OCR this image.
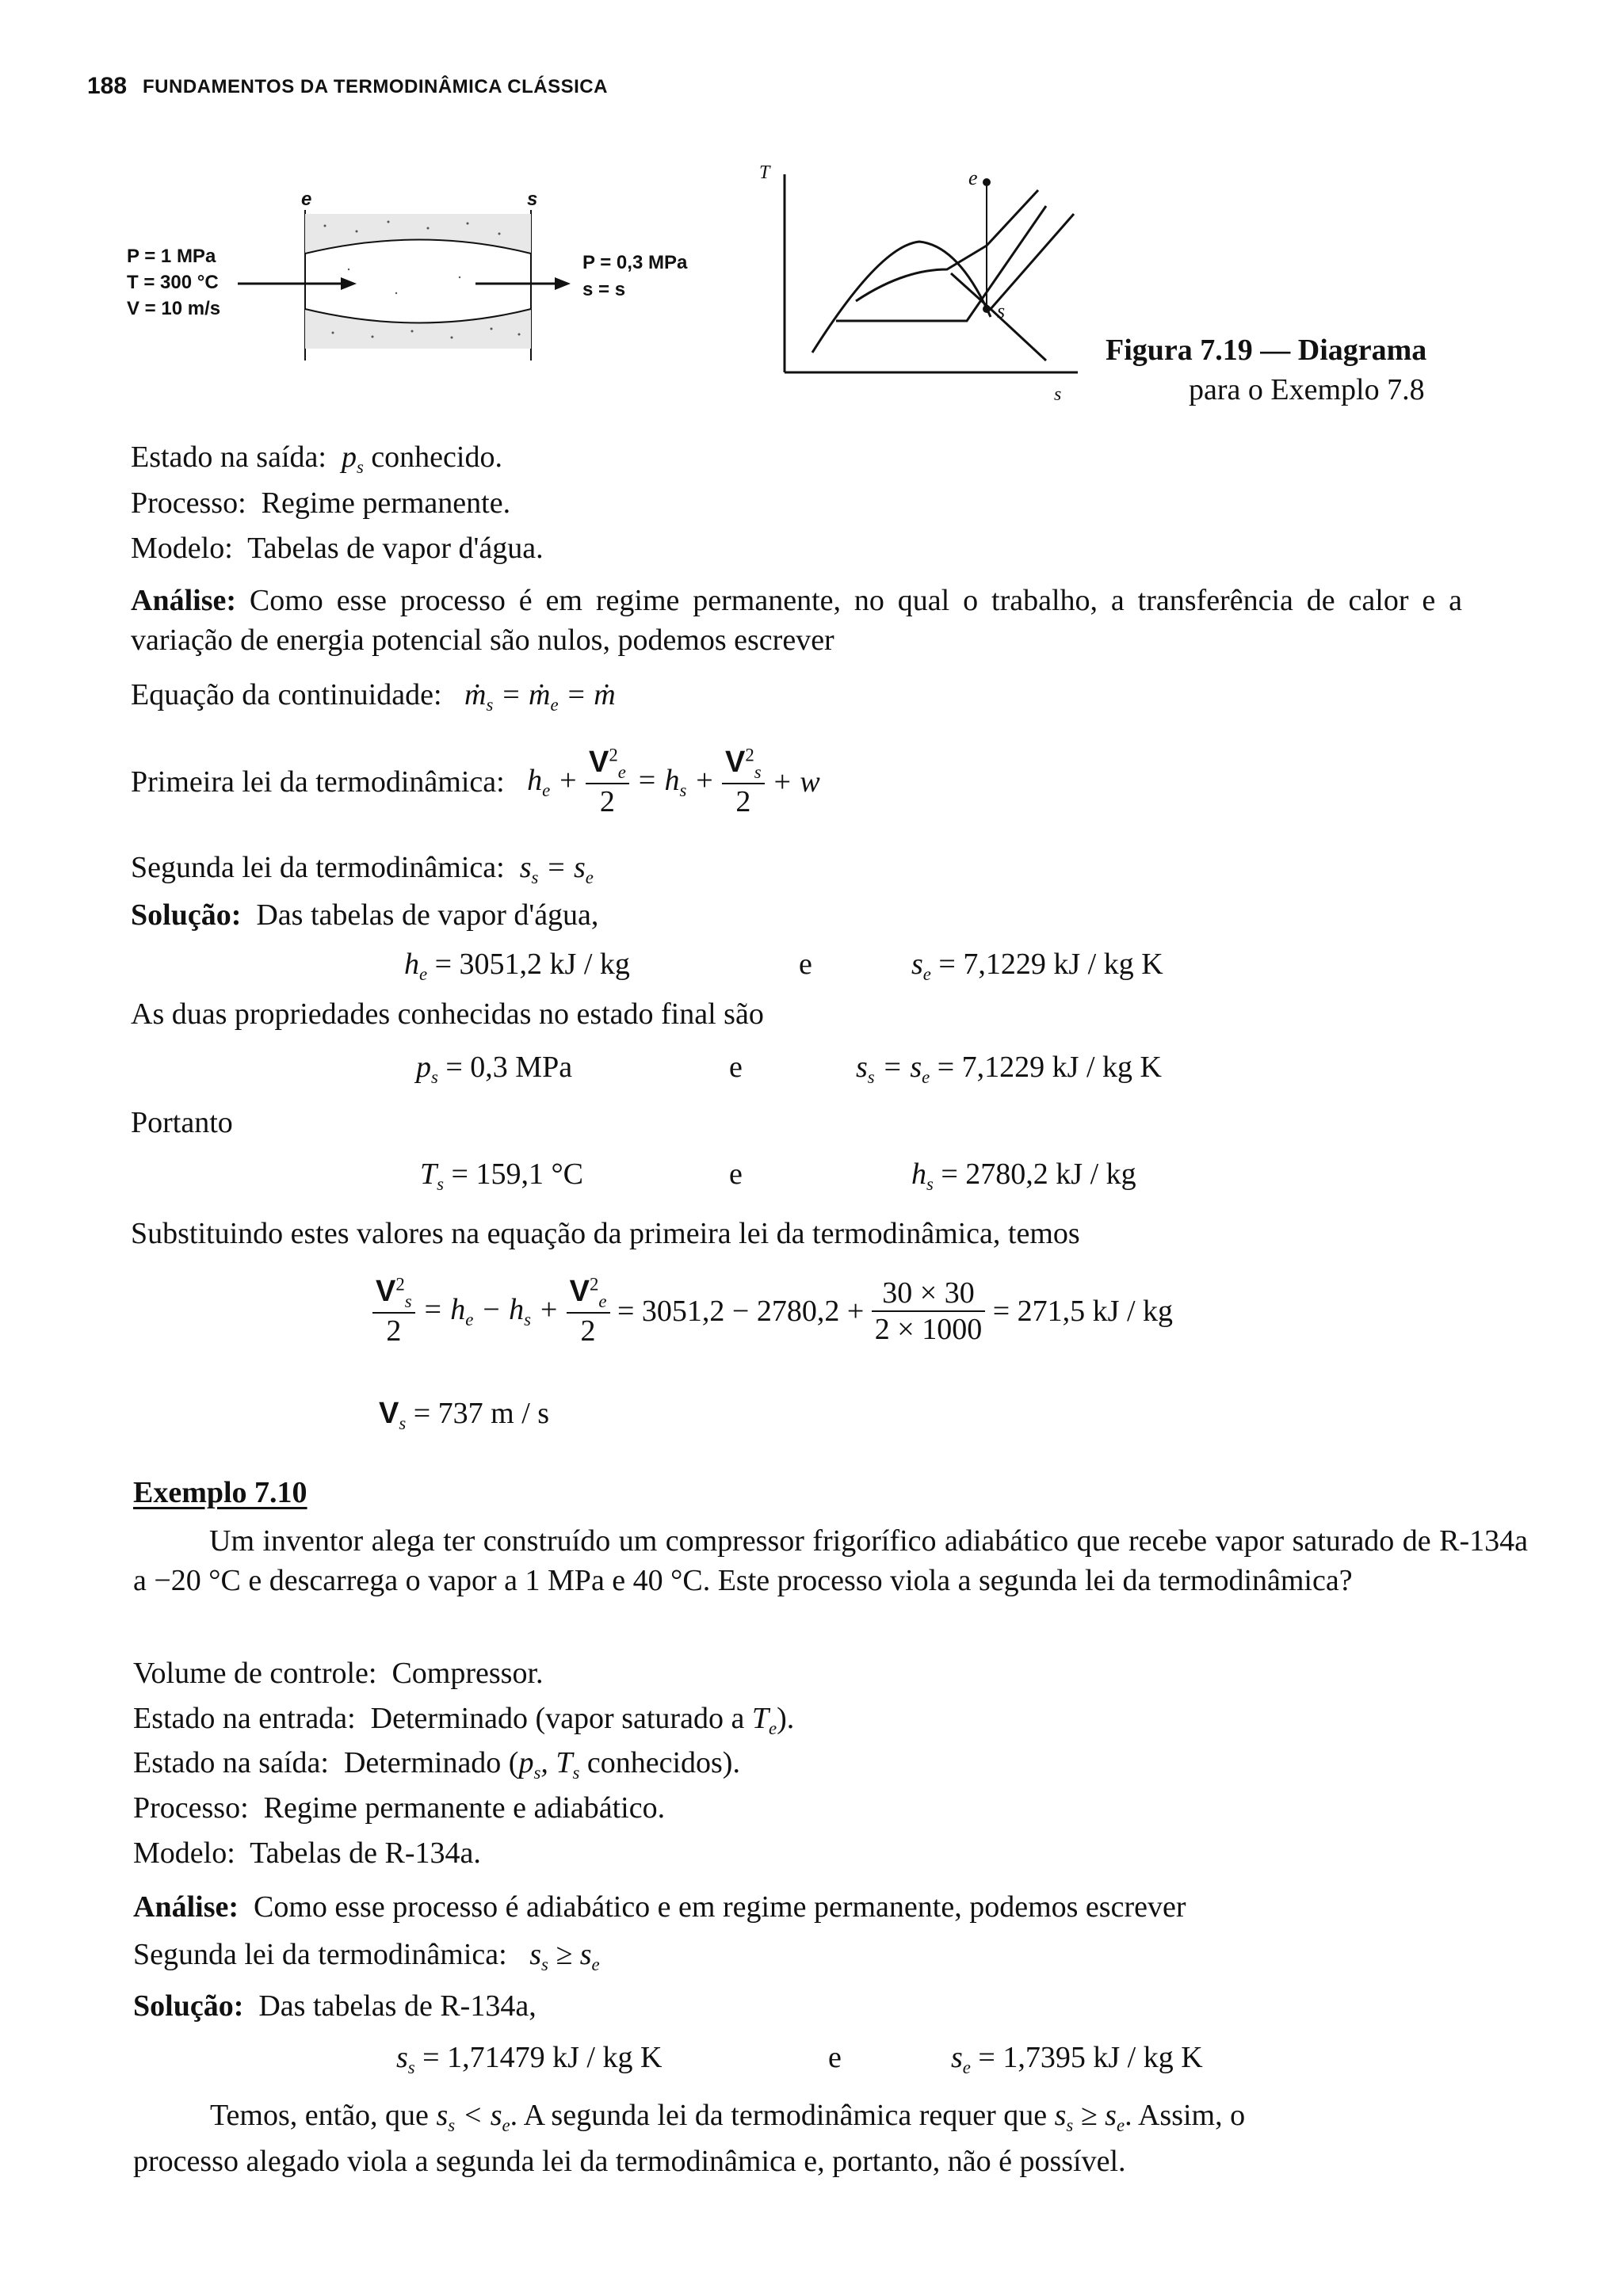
188 FUNDAMENTOS DA TERMODINÂMICA CLÁSSICA
e	s
P = 1 MPa
T = 300 °C
V = 10 m/s
P = 0,3 MPa
s = s
T
s
e
s
Figura 7.19 — Diagrama
para o Exemplo 7.8
Estado na saída: $p_s$ conhecido.
Processo: Regime permanente.
Modelo: Tabelas de vapor d'água.
Análise: Como esse processo é em regime permanente, no qual o trabalho, a transferência de calor e a variação de energia potencial são nulos, podemos escrever
Equação da continuidade: ṁ$_s$ = ṁ$_e$ = ṁ
Primeira lei da termodinâmica: $h_e + \frac{V^2_e}{2} = h_s + \frac{V^2_s}{2} + w$
Segunda lei da termodinâmica: $s_s = s_e$
Solução: Das tabelas de vapor d'água,
$h_e = 3051,2$ kJ / kg	e	$s_e = 7,1229$ kJ / kg K
As duas propriedades conhecidas no estado final são
$p_s = 0,3$ MPa	e	$s_s = s_e = 7,1229$ kJ / kg K
Portanto
$T_s = 159,1$ °C	e	$h_s = 2780,2$ kJ / kg
Substituindo estes valores na equação da primeira lei da termodinâmica, temos
$\frac{V^2_s}{2} = h_e - h_s + \frac{V^2_e}{2} = 3051,2 - 2780,2 + \frac{30 \times 30}{2 \times 1000} = 271,5$ kJ / kg
$V_s = 737$ m / s
Exemplo 7.10
Um inventor alega ter construído um compressor frigorífico adiabático que recebe vapor saturado de R-134a a −20 °C e descarrega o vapor a 1 MPa e 40 °C. Este processo viola a segunda lei da termodinâmica?
Volume de controle: Compressor.
Estado na entrada: Determinado (vapor saturado a $T_e$).
Estado na saída: Determinado ($p_s$, $T_s$ conhecidos).
Processo: Regime permanente e adiabático.
Modelo: Tabelas de R-134a.
Análise: Como esse processo é adiabático e em regime permanente, podemos escrever
Segunda lei da termodinâmica: $s_s \ge s_e$
Solução: Das tabelas de R-134a,
$s_s = 1,71479$ kJ / kg K	e	$s_e = 1,7395$ kJ / kg K
Temos, então, que $s_s < s_e$. A segunda lei da termodinâmica requer que $s_s \ge s_e$. Assim, o
processo alegado viola a segunda lei da termodinâmica e, portanto, não é possível.
